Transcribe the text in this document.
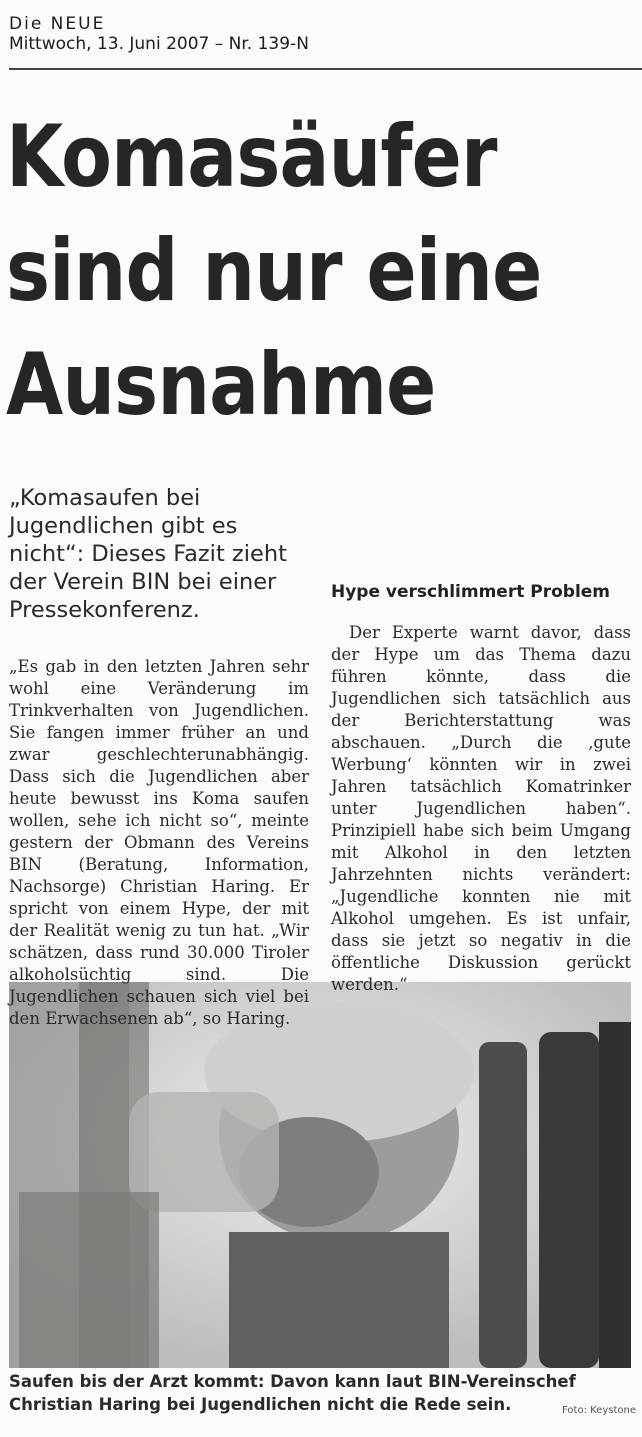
Die NEUE
Mittwoch, 13. Juni 2007 – Nr. 139-N
Komasäufer
sind nur eine
Ausnahme

„Komasaufen bei Jugendlichen gibt es nicht“: Dieses Fazit zieht der Verein BIN bei einer Pressekonferenz.

Saufen bis der Arzt kommt: Davon kann laut BIN-Vereinschef Christian Haring bei Jugendlichen nicht die Rede sein.	Foto: Keystone

„Es gab in den letzten Jahren sehr wohl eine Veränderung im Trinkverhalten von Jugendlichen. Sie fangen immer früher an und zwar geschlechterunabhängig. Dass sich die Jugendlichen aber heute bewusst ins Koma saufen wollen, sehe ich nicht so“, meinte gestern der Obmann des Vereins BIN (Beratung, Information, Nachsorge) Christian Haring. Er spricht von einem Hype, der mit der Realität wenig zu tun hat. „Wir schätzen, dass rund 30.000 Tiroler alkoholsüchtig sind. Die Jugendlichen schauen sich viel bei den Erwachsenen ab“, so Haring.

Hype verschlimmert Problem

Der Experte warnt davor, dass der Hype um das Thema dazu führen könnte, dass die Jugendlichen sich tatsächlich aus der Berichterstattung was abschauen. „Durch die ‚gute Werbung‘ könnten wir in zwei Jahren tatsächlich Komatrinker unter Jugendlichen haben“. Prinzipiell habe sich beim Umgang mit Alkohol in den letzten Jahrzehnten nichts verändert: „Jugendliche konnten nie mit Alkohol umgehen. Es ist unfair, dass sie jetzt so negativ in die öffentliche Diskussion gerückt werden.“
